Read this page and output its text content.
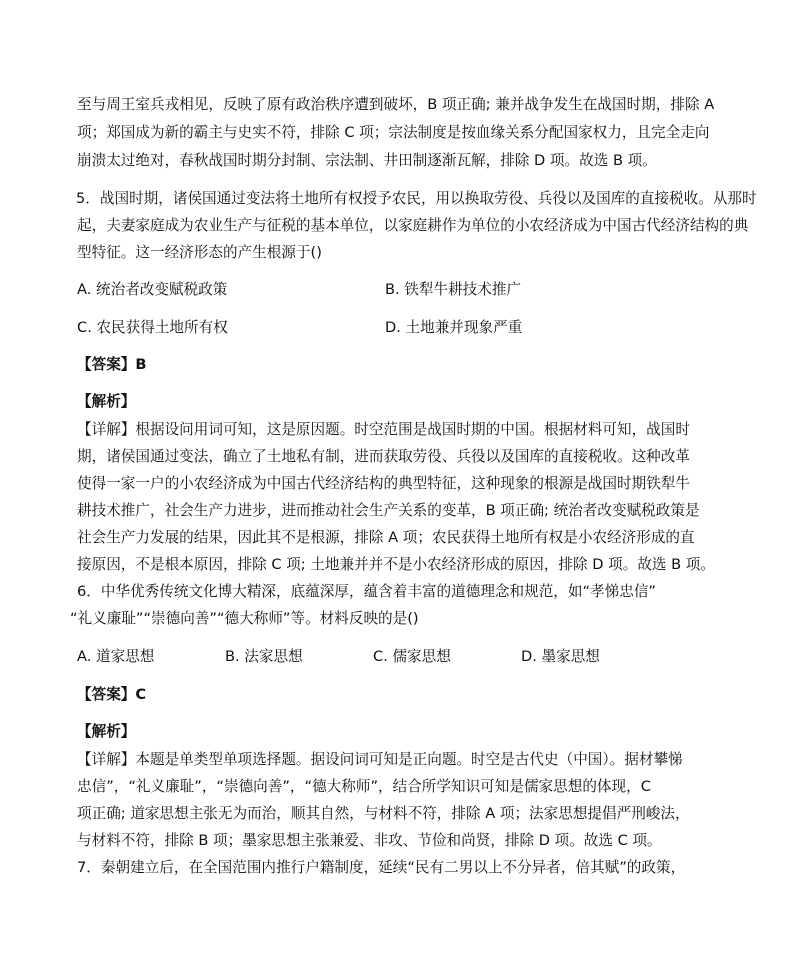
至与周王室兵戎相见，反映了原有政治秩序遭到破坏，B 项正确; 兼并战争发生在战国时期，排除 A
项；郑国成为新的霸主与史实不符，排除 C 项；宗法制度是按血缘关系分配国家权力，且完全走向
崩溃太过绝对，春秋战国时期分封制、宗法制、井田制逐渐瓦解，排除 D 项。故选 B 项。
5．战国时期，诸侯国通过变法将土地所有权授予农民，用以换取劳役、兵役以及国库的直接税收。从那时
起，夫妻家庭成为农业生产与征税的基本单位，以家庭耕作为单位的小农经济成为中国古代经济结构的典
型特征。这一经济形态的产生根源于()
A. 统治者改变赋税政策	B. 铁犁牛耕技术推广
C. 农民获得土地所有权	D. 土地兼并现象严重
【答案】B
【解析】
【详解】根据设问用词可知，这是原因题。时空范围是战国时期的中国。根据材料可知，战国时
期，诸侯国通过变法，确立了土地私有制，进而获取劳役、兵役以及国库的直接税收。这种改革
使得一家一户的小农经济成为中国古代经济结构的典型特征，这种现象的根源是战国时期铁犁牛
耕技术推广，社会生产力进步，进而推动社会生产关系的变革，B 项正确; 统治者改变赋税政策是
社会生产力发展的结果，因此其不是根源，排除 A 项；农民获得土地所有权是小农经济形成的直
接原因，不是根本原因，排除 C 项; 土地兼并并不是小农经济形成的原因，排除 D 项。故选 B 项。
6．中华优秀传统文化博大精深，底蕴深厚，蕴含着丰富的道德理念和规范，如“孝悌忠信”
“礼义廉耻”“崇德向善”“德大称师”等。材料反映的是()
A. 道家思想	B. 法家思想	C. 儒家思想	D. 墨家思想
【答案】C
【解析】
【详解】本题是单类型单项选择题。据设问词可知是正向题。时空是古代史（中国）。据材攀悌
忠信”，“礼义廉耻”，“崇德向善”，“德大称师”，结合所学知识可知是儒家思想的体现，C
项正确; 道家思想主张无为而治，顺其自然，与材料不符，排除 A 项；法家思想提倡严刑峻法，
与材料不符，排除 B 项；墨家思想主张兼爱、非攻、节俭和尚贤，排除 D 项。故选 C 项。
7．秦朝建立后，在全国范围内推行户籍制度，延续“民有二男以上不分异者，倍其赋”的政策，
